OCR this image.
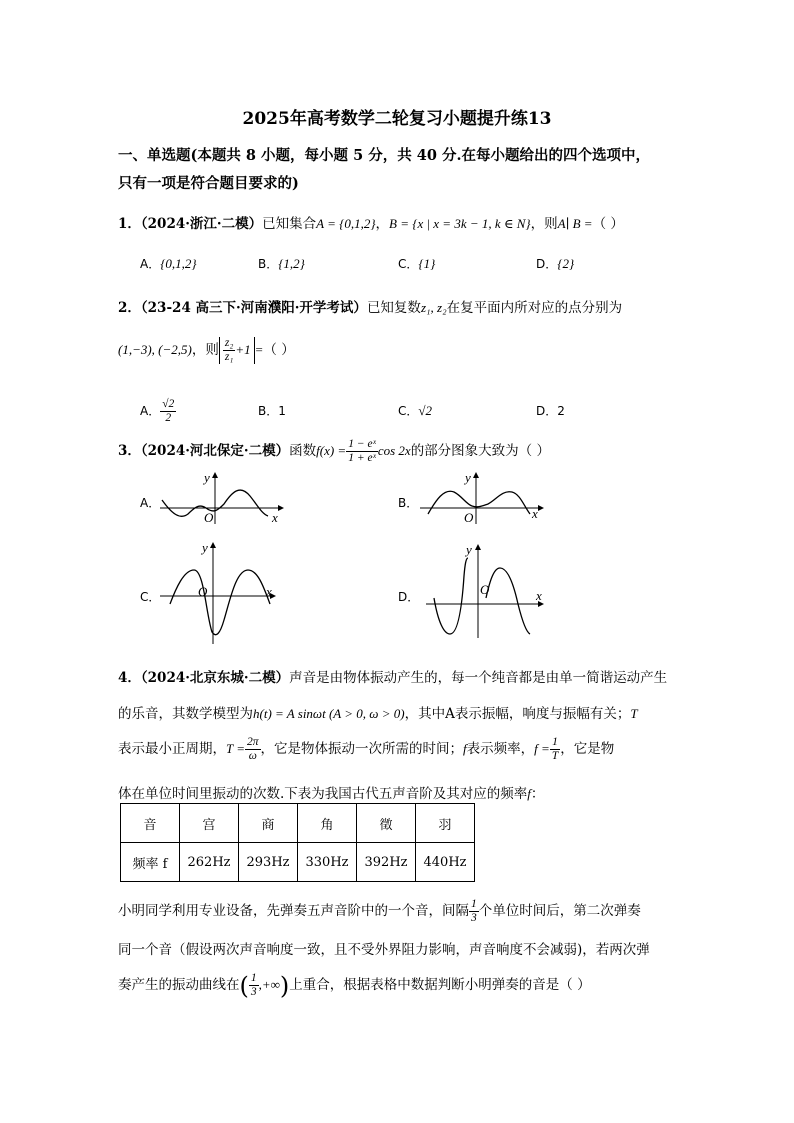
2025年高考数学二轮复习小题提升练13
一、单选题(本题共 8 小题，每小题 5 分，共 40 分.在每小题给出的四个选项中，
只有一项是符合题目要求的)
1．（2024·浙江·二模）已知集合A = {0,1,2}，B = {x | x = 3k − 1, k ∈ N}，则A∣ B =（ ）
A．{0,1,2}	B．{1,2}	C．{1}	D．{2}
2．（23-24 高三下·河南濮阳·开学考试）已知复数z₁, z₂在复平面内所对应的点分别为
(1,−3), (−2,5)，则 $\frac{\text{z₂}}{\text{z₁}} +1$ =（ ）
A． $\frac{√2}{2}$	B．1	C．√2	D．2
3．（2024·河北保定·二模）函数$f(x) = \frac{\text{1 − eˣ}}{\text{1 + eˣ}}$ cos 2x的部分图象大致为（ ）
A．
y
O	x
B．
y
O	x
C．
y
O	x	D．
y
O	x
4．（2024·北京东城·二模）声音是由物体振动产生的，每一个纯音都是由单一简谐运动产生
的乐音，其数学模型为h(t) = A sinωt (A > 0, ω > 0)，其中A表示振幅，响度与振幅有关；T
表示最小正周期，$T = \frac{2\pi}{\omega}$ ，它是物体振动一次所需的时间；f表示频率，$f = \frac{1}{T}$ ，它是物
体在单位时间里振动的次数.下表为我国古代五声音阶及其对应的频率f：
音	宫	商	角	徵	羽
频率 f	262Hz	293Hz	330Hz	392Hz	440Hz
小明同学利用专业设备，先弹奏五声音阶中的一个音，间隔 $\frac{1}{3}$ 个单位时间后，第二次弹奏
同一个音（假设两次声音响度一致，且不受外界阻力影响，声音响度不会减弱)，若两次弹
奏产生的振动曲线在( $\frac{1}{3}$ ,+∞)上重合，根据表格中数据判断小明弹奏的音是（ ）
